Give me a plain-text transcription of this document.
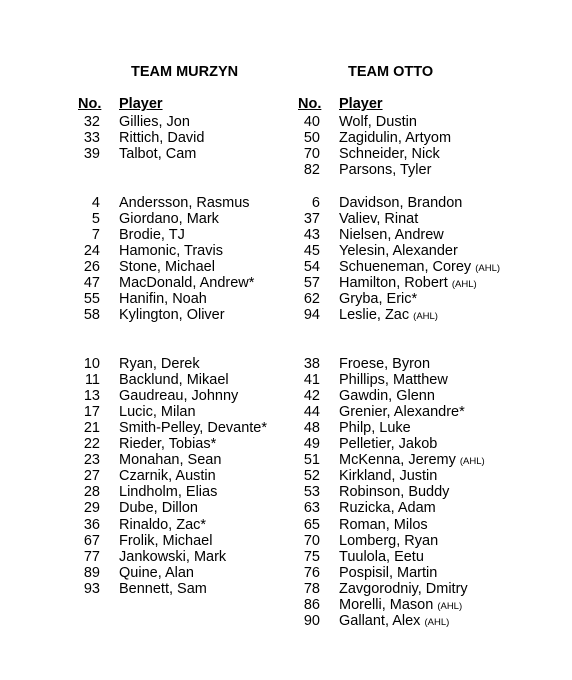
TEAM MURZYN
No. Player
32 Gillies, Jon
33 Rittich, David
39 Talbot, Cam
4 Andersson, Rasmus
5 Giordano, Mark
7 Brodie, TJ
24 Hamonic, Travis
26 Stone, Michael
47 MacDonald, Andrew*
55 Hanifin, Noah
58 Kylington, Oliver
10 Ryan, Derek
11 Backlund, Mikael
13 Gaudreau, Johnny
17 Lucic, Milan
21 Smith-Pelley, Devante*
22 Rieder, Tobias*
23 Monahan, Sean
27 Czarnik, Austin
28 Lindholm, Elias
29 Dube, Dillon
36 Rinaldo, Zac*
67 Frolik, Michael
77 Jankowski, Mark
89 Quine, Alan
93 Bennett, Sam
TEAM OTTO
No. Player
40 Wolf, Dustin
50 Zagidulin, Artyom
70 Schneider, Nick
82 Parsons, Tyler
6 Davidson, Brandon
37 Valiev, Rinat
43 Nielsen, Andrew
45 Yelesin, Alexander
54 Schueneman, Corey (AHL)
57 Hamilton, Robert (AHL)
62 Gryba, Eric*
94 Leslie, Zac (AHL)
38 Froese, Byron
41 Phillips, Matthew
42 Gawdin, Glenn
44 Grenier, Alexandre*
48 Philp, Luke
49 Pelletier, Jakob
51 McKenna, Jeremy (AHL)
52 Kirkland, Justin
53 Robinson, Buddy
63 Ruzicka, Adam
65 Roman, Milos
70 Lomberg, Ryan
75 Tuulola, Eetu
76 Pospisil, Martin
78 Zavgorodniy, Dmitry
86 Morelli, Mason (AHL)
90 Gallant, Alex (AHL)
